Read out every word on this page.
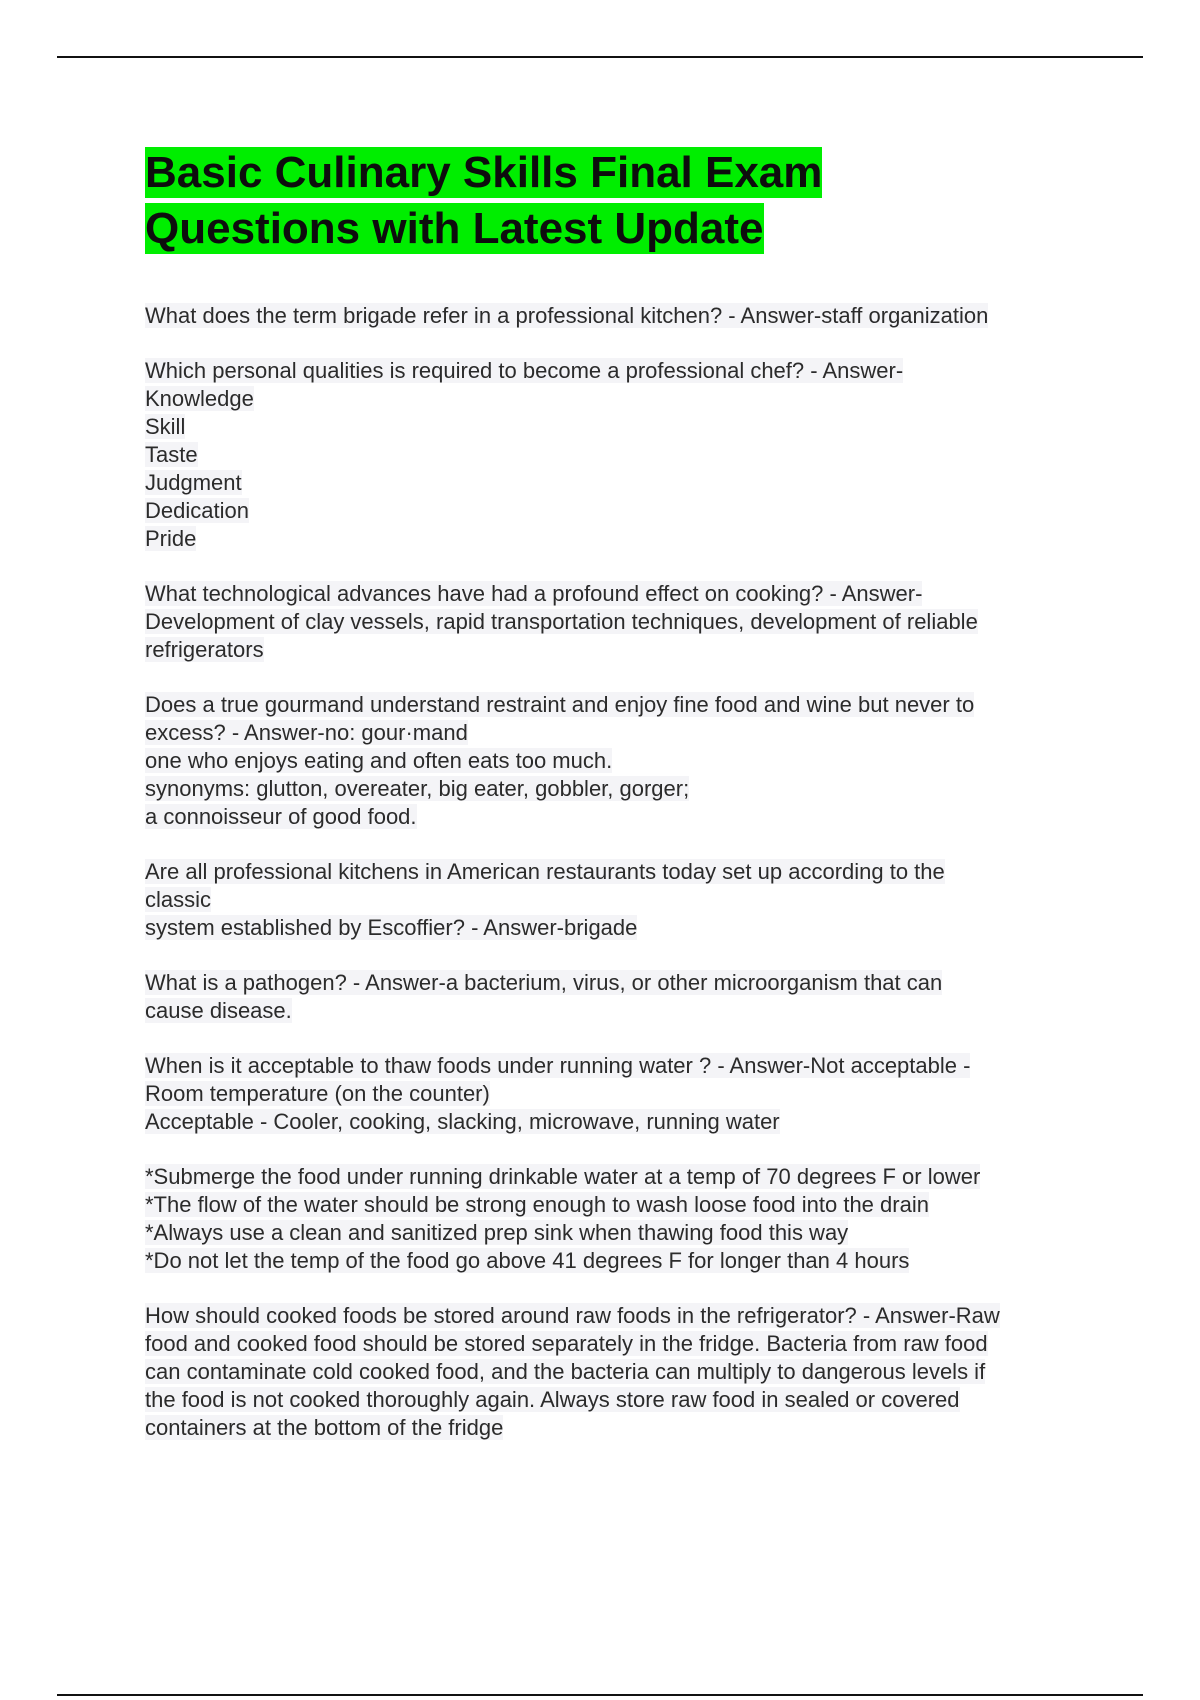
Basic Culinary Skills Final Exam
Questions with Latest Update
What does the term brigade refer in a professional kitchen? - Answer-staff organization
Which personal qualities is required to become a professional chef? - Answer-
Knowledge
Skill
Taste
Judgment
Dedication
Pride
What technological advances have had a profound effect on cooking? - Answer-
Development of clay vessels, rapid transportation techniques, development of reliable
refrigerators
Does a true gourmand understand restraint and enjoy fine food and wine but never to
excess? - Answer-no: gour·mand
one who enjoys eating and often eats too much.
synonyms: glutton, overeater, big eater, gobbler, gorger;
a connoisseur of good food.
Are all professional kitchens in American restaurants today set up according to the
classic
system established by Escoffier? - Answer-brigade
What is a pathogen? - Answer-a bacterium, virus, or other microorganism that can
cause disease.
When is it acceptable to thaw foods under running water ? - Answer-Not acceptable -
Room temperature (on the counter)
Acceptable - Cooler, cooking, slacking, microwave, running water
*Submerge the food under running drinkable water at a temp of 70 degrees F or lower
*The flow of the water should be strong enough to wash loose food into the drain
*Always use a clean and sanitized prep sink when thawing food this way
*Do not let the temp of the food go above 41 degrees F for longer than 4 hours
How should cooked foods be stored around raw foods in the refrigerator? - Answer-Raw
food and cooked food should be stored separately in the fridge. Bacteria from raw food
can contaminate cold cooked food, and the bacteria can multiply to dangerous levels if
the food is not cooked thoroughly again. Always store raw food in sealed or covered
containers at the bottom of the fridge
